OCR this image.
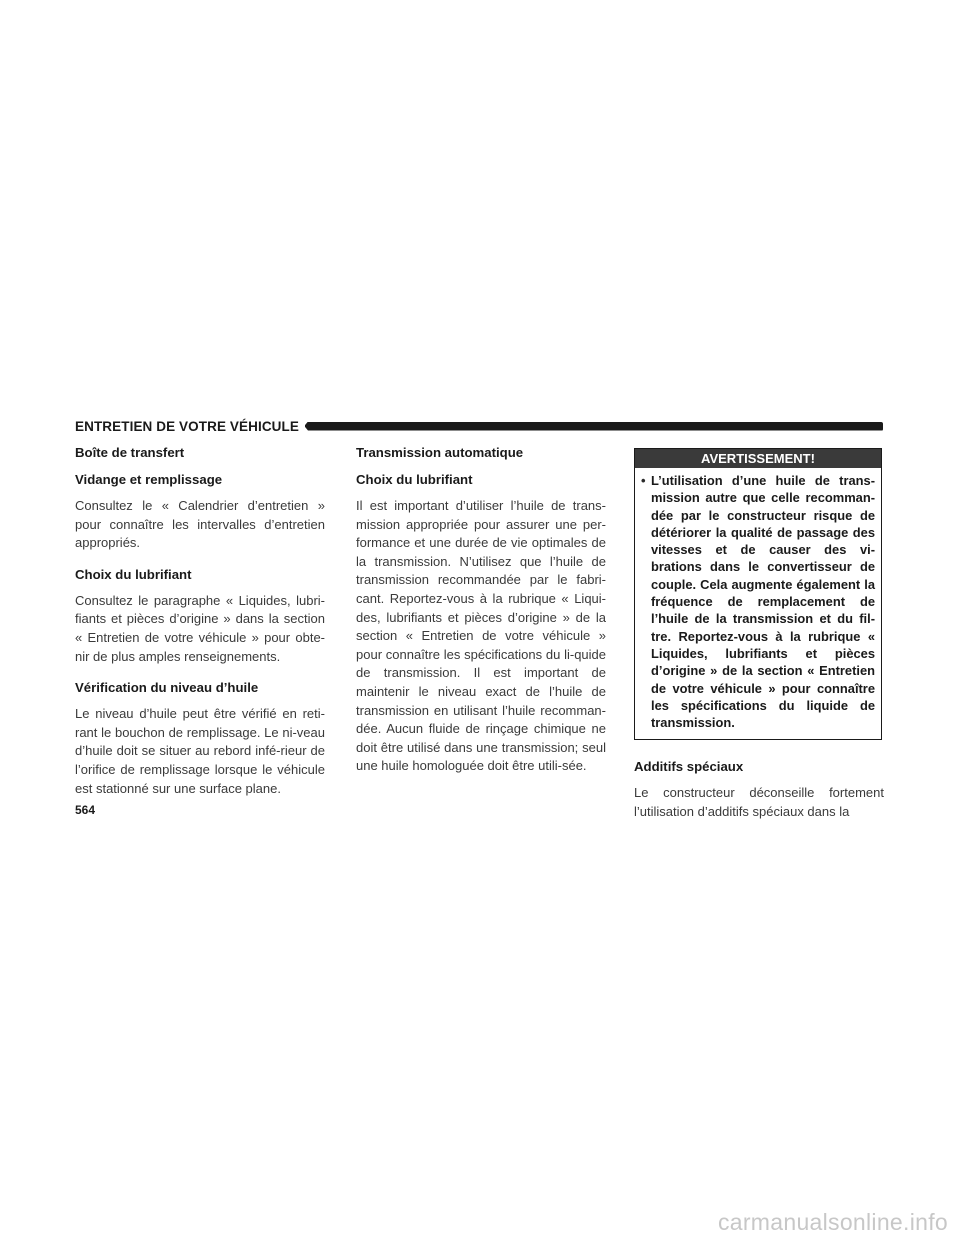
ENTRETIEN DE VOTRE VÉHICULE
Boîte de transfert
Vidange et remplissage

Consultez le « Calendrier d’entretien » pour connaître les intervalles d’entretien appropriés.

Choix du lubrifiant

Consultez le paragraphe « Liquides, lubri-fiants et pièces d’origine » dans la section « Entretien de votre véhicule » pour obte-nir de plus amples renseignements.

Vérification du niveau d’huile

Le niveau d’huile peut être vérifié en reti-rant le bouchon de remplissage. Le ni-veau d’huile doit se situer au rebord infé-rieur de l’orifice de remplissage lorsque le véhicule est stationné sur une surface plane.

Transmission automatique
Choix du lubrifiant

Il est important d’utiliser l’huile de trans-mission appropriée pour assurer une per-formance et une durée de vie optimales de la transmission. N’utilisez que l’huile de transmission recommandée par le fabri-cant. Reportez-vous à la rubrique « Liqui-des, lubrifiants et pièces d’origine » de la section « Entretien de votre véhicule » pour connaître les spécifications du li-quide de transmission. Il est important de maintenir le niveau exact de l’huile de transmission en utilisant l’huile recomman-dée. Aucun fluide de rinçage chimique ne doit être utilisé dans une transmission; seul une huile homologuée doit être utili-sée.

AVERTISSEMENT!
• L’utilisation d’une huile de trans-mission autre que celle recomman-dée par le constructeur risque de détériorer la qualité de passage des vitesses et de causer des vi-brations dans le convertisseur de couple. Cela augmente également la fréquence de remplacement de l’huile de la transmission et du fil-tre. Reportez-vous à la rubrique « Liquides, lubrifiants et pièces d’origine » de la section « Entretien de votre véhicule » pour connaître les spécifications du liquide de transmission.
Additifs spéciaux

Le constructeur déconseille fortement l’utilisation d’additifs spéciaux dans la

564
carmanualsonline.info
